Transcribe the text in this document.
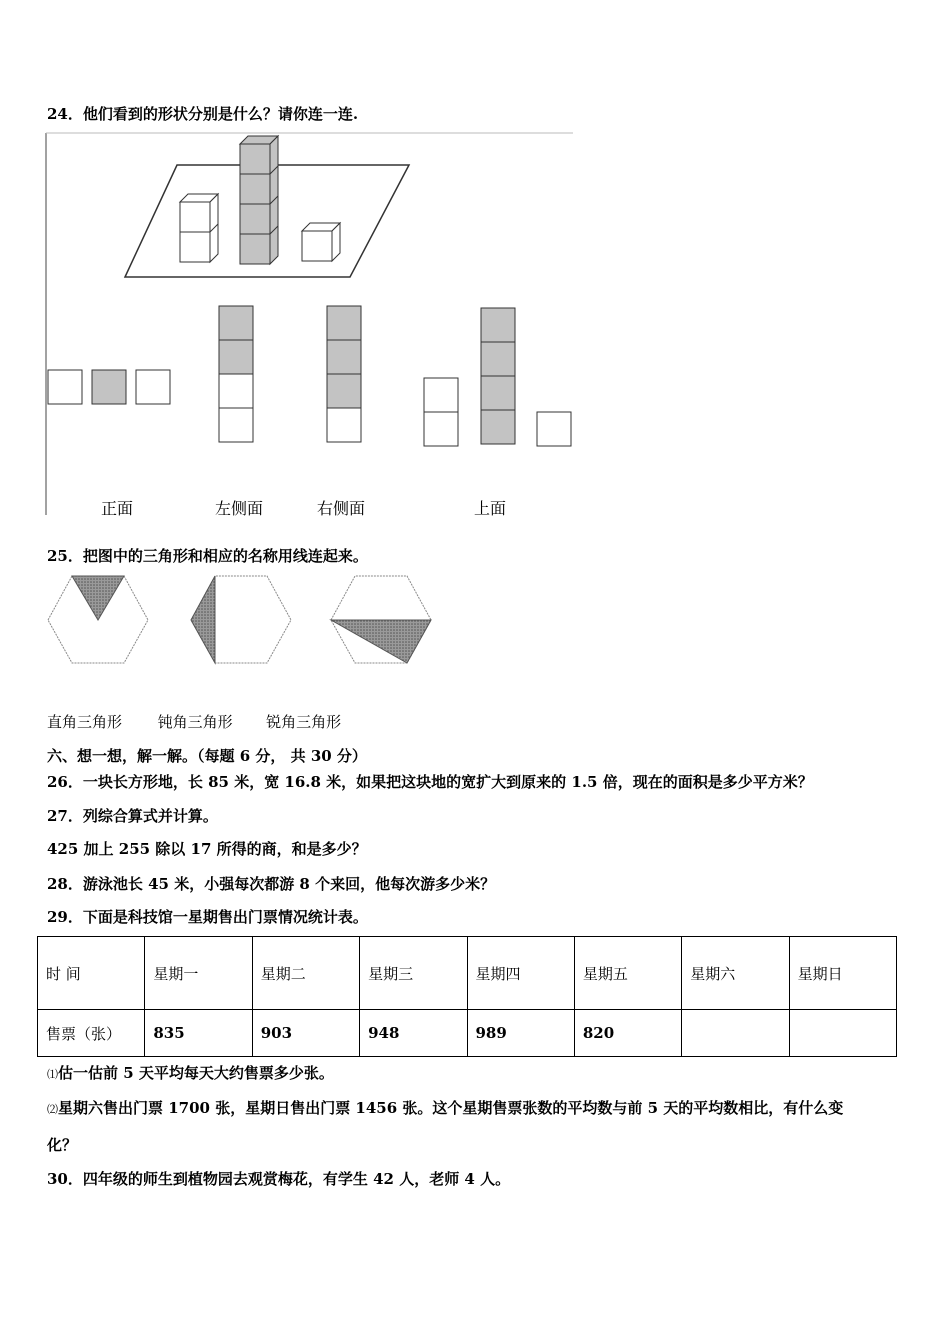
24．他们看到的形状分别是什么？请你连一连.
正面	左侧面	右侧面	上面
25．把图中的三角形和相应的名称用线连起来。
直角三角形 钝角三角形 锐角三角形
六、想一想，解一解。（每题 6 分， 共 30 分）
26．一块长方形地，长 85 米，宽 16.8 米，如果把这块地的宽扩大到原来的 1.5 倍，现在的面积是多少平方米？
27．列综合算式并计算。
425 加上 255 除以 17 所得的商，和是多少？
28．游泳池长 45 米，小强每次都游 8 个来回，他每次游多少米？
29．下面是科技馆一星期售出门票情况统计表。
时 间	星期一	星期二	星期三	星期四	星期五	星期六	星期日
售票（张）	835	903	948	989	820		
⑴估一估前 5 天平均每天大约售票多少张。
⑵星期六售出门票 1700 张，星期日售出门票 1456 张。这个星期售票张数的平均数与前 5 天的平均数相比，有什么变
化？
30．四年级的师生到植物园去观赏梅花，有学生 42 人，老师 4 人。
